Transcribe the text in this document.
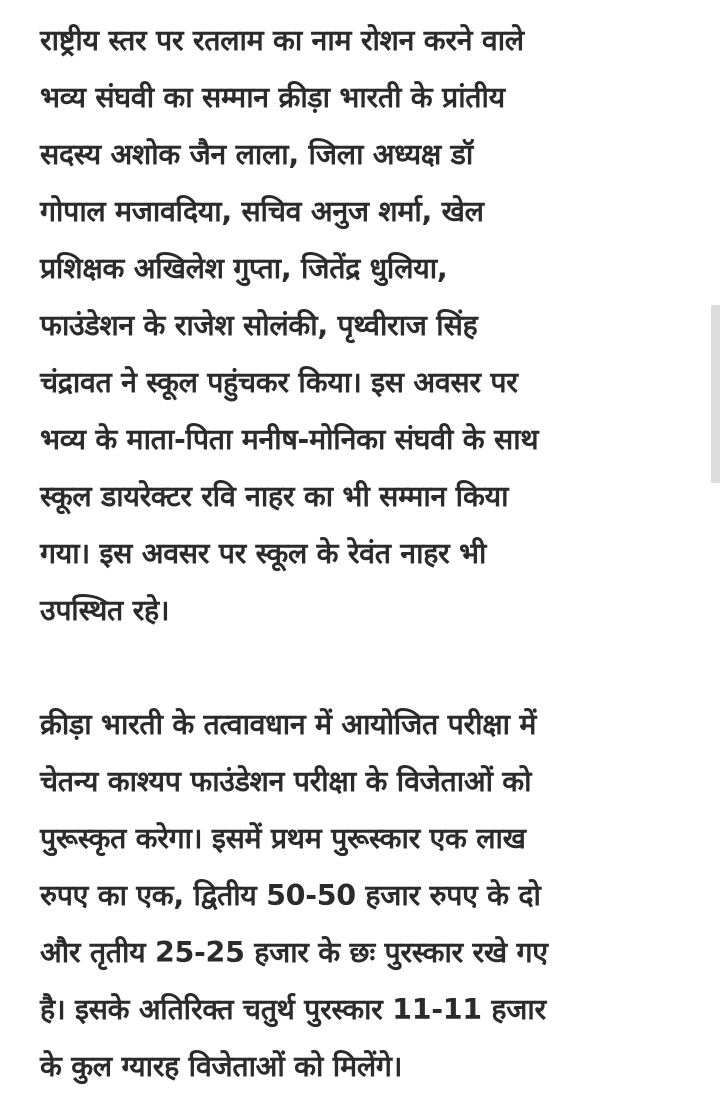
राष्ट्रीय स्तर पर रतलाम का नाम रोशन करने वाले
भव्य संघवी का सम्मान क्रीड़ा भारती के प्रांतीय
सदस्य अशोक जैन लाला, जिला अध्यक्ष डॉ
गोपाल मजावदिया, सचिव अनुज शर्मा, खेल
प्रशिक्षक अखिलेश गुप्ता, जितेंद्र धुलिया,
फाउंडेशन के राजेश सोलंकी, पृथ्वीराज सिंह
चंद्रावत ने स्कूल पहुंचकर किया। इस अवसर पर
भव्य के माता-पिता मनीष-मोनिका संघवी के साथ
स्कूल डायरेक्टर रवि नाहर का भी सम्मान किया
गया। इस अवसर पर स्कूल के रेवंत नाहर भी
उपस्थित रहे।
क्रीड़ा भारती के तत्वावधान में आयोजित परीक्षा में
चेतन्य काश्यप फाउंडेशन परीक्षा के विजेताओं को
पुरूस्कृत करेगा। इसमें प्रथम पुरूस्कार एक लाख
रुपए का एक, द्वितीय 50-50 हजार रुपए के दो
और तृतीय 25-25 हजार के छः पुरस्कार रखे गए
है। इसके अतिरिक्त चतुर्थ पुरस्कार 11-11 हजार
के कुल ग्यारह विजेताओं को मिलेंगे।
